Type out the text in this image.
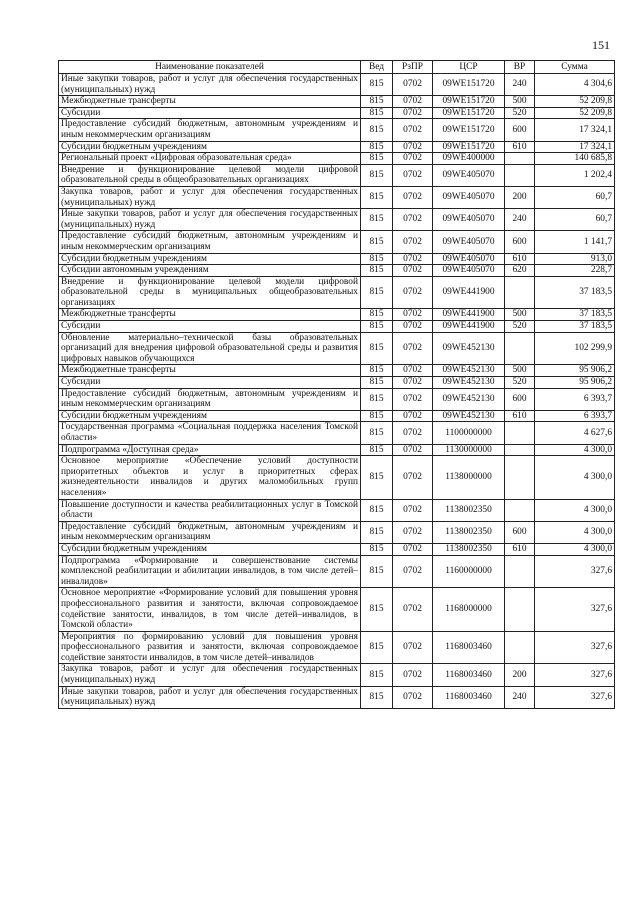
151
Наименование показателей	Вед	РзПР	ЦСР	ВР	Сумма
Иные закупки товаров, работ и услуг для обеспечения государственных (муниципальных) нужд	815	0702	09WE151720	240	4 304,6
Межбюджетные трансферты	815	0702	09WE151720	500	52 209,8
Субсидии	815	0702	09WE151720	520	52 209,8
Предоставление субсидий бюджетным, автономным учреждениям и иным некоммерческим организациям	815	0702	09WE151720	600	17 324,1
Субсидии бюджетным учреждениям	815	0702	09WE151720	610	17 324,1
Региональный проект «Цифровая образовательная среда»	815	0702	09WE400000		140 685,8
Внедрение и функционирование целевой модели цифровой образовательной среды в общеобразовательных организациях	815	0702	09WE405070		1 202,4
Закупка товаров, работ и услуг для обеспечения государственных (муниципальных) нужд	815	0702	09WE405070	200	60,7
Иные закупки товаров, работ и услуг для обеспечения государственных (муниципальных) нужд	815	0702	09WE405070	240	60,7
Предоставление субсидий бюджетным, автономным учреждениям и иным некоммерческим организациям	815	0702	09WE405070	600	1 141,7
Субсидии бюджетным учреждениям	815	0702	09WE405070	610	913,0
Субсидии автономным учреждениям	815	0702	09WE405070	620	228,7
Внедрение и функционирование целевой модели цифровой образовательной среды в муниципальных общеобразовательных организациях	815	0702	09WE441900		37 183,5
Межбюджетные трансферты	815	0702	09WE441900	500	37 183,5
Субсидии	815	0702	09WE441900	520	37 183,5
Обновление материально–технической базы образовательных организаций для внедрения цифровой образовательной среды и развития цифровых навыков обучающихся	815	0702	09WE452130		102 299,9
Межбюджетные трансферты	815	0702	09WE452130	500	95 906,2
Субсидии	815	0702	09WE452130	520	95 906,2
Предоставление субсидий бюджетным, автономным учреждениям и иным некоммерческим организациям	815	0702	09WE452130	600	6 393,7
Субсидии бюджетным учреждениям	815	0702	09WE452130	610	6 393,7
Государственная программа «Социальная поддержка населения Томской области»	815	0702	1100000000		4 627,6
Подпрограмма «Доступная среда»	815	0702	1130000000		4 300,0
Основное мероприятие «Обеспечение условий доступности приоритетных объектов и услуг в приоритетных сферах жизнедеятельности инвалидов и других маломобильных групп населения»	815	0702	1138000000		4 300,0
Повышение доступности и качества реабилитационных услуг в Томской области	815	0702	1138002350		4 300,0
Предоставление субсидий бюджетным, автономным учреждениям и иным некоммерческим организациям	815	0702	1138002350	600	4 300,0
Субсидии бюджетным учреждениям	815	0702	1138002350	610	4 300,0
Подпрограмма «Формирование и совершенствование системы комплексной реабилитации и абилитации инвалидов, в том числе детей–инвалидов»	815	0702	1160000000		327,6
Основное мероприятие «Формирование условий для повышения уровня профессионального развития и занятости, включая сопровождаемое содействие занятости, инвалидов, в том числе детей–инвалидов, в Томской области»	815	0702	1168000000		327,6
Мероприятия по формированию условий для повышения уровня профессионального развития и занятости, включая сопровождаемое содействие занятости инвалидов, в том числе детей–инвалидов	815	0702	1168003460		327,6
Закупка товаров, работ и услуг для обеспечения государственных (муниципальных) нужд	815	0702	1168003460	200	327,6
Иные закупки товаров, работ и услуг для обеспечения государственных (муниципальных) нужд	815	0702	1168003460	240	327,6
